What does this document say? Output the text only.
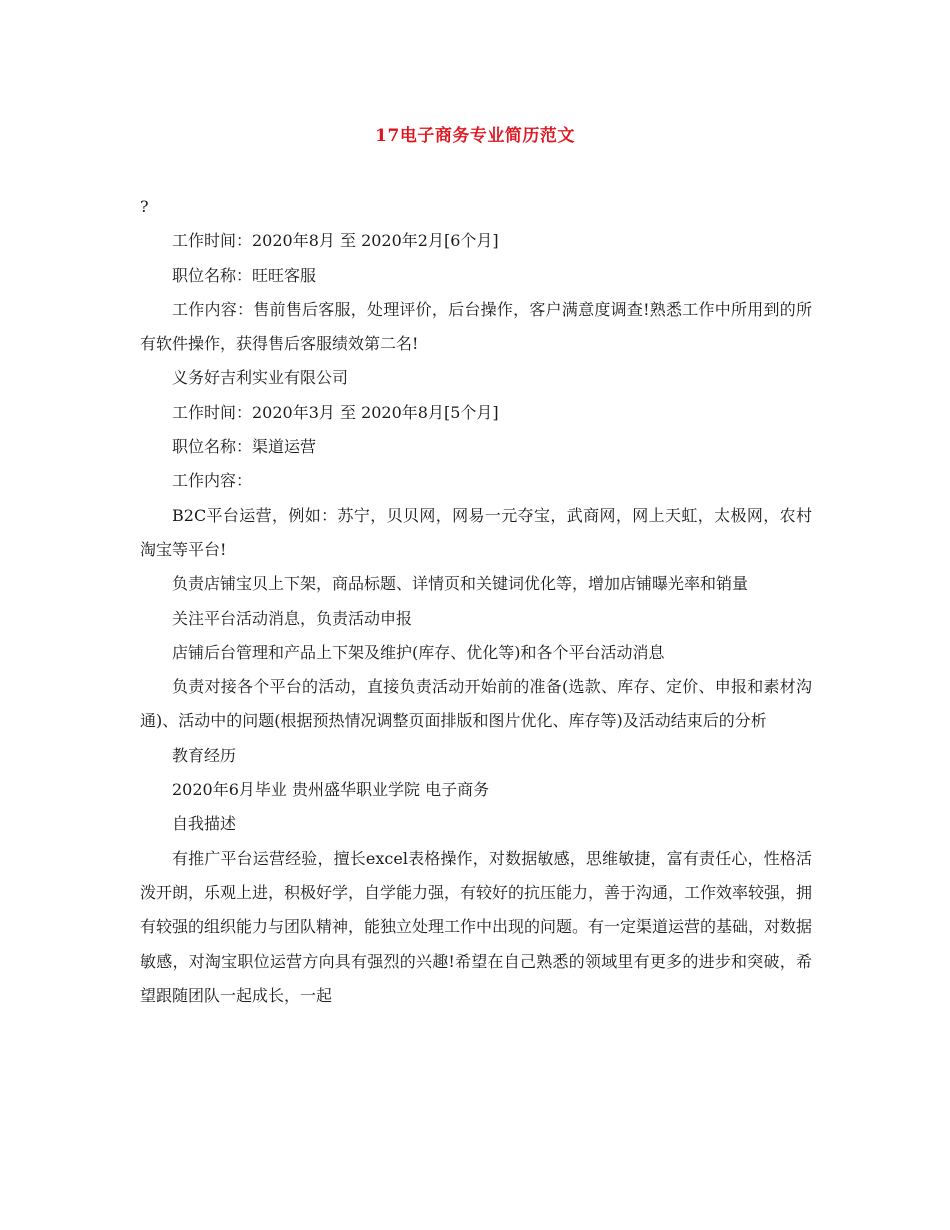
17电子商务专业简历范文

?

工作时间：2020年8月 至 2020年2月[6个月]

职位名称：旺旺客服

工作内容：售前售后客服，处理评价，后台操作，客户满意度调查!熟悉工作中所用到的所有软件操作，获得售后客服绩效第二名!

义务好吉利实业有限公司

工作时间：2020年3月 至 2020年8月[5个月]

职位名称：渠道运营

工作内容：

B2C平台运营，例如：苏宁，贝贝网，网易一元夺宝，武商网，网上天虹，太极网，农村淘宝等平台!

负责店铺宝贝上下架，商品标题、详情页和关键词优化等，增加店铺曝光率和销量

关注平台活动消息，负责活动申报

店铺后台管理和产品上下架及维护(库存、优化等)和各个平台活动消息

负责对接各个平台的活动，直接负责活动开始前的准备(选款、库存、定价、申报和素材沟通)、活动中的问题(根据预热情况调整页面排版和图片优化、库存等)及活动结束后的分析

教育经历

2020年6月毕业 贵州盛华职业学院 电子商务

自我描述

有推广平台运营经验，擅长excel表格操作，对数据敏感，思维敏捷，富有责任心，性格活泼开朗，乐观上进，积极好学，自学能力强，有较好的抗压能力，善于沟通，工作效率较强，拥有较强的组织能力与团队精神，能独立处理工作中出现的问题。有一定渠道运营的基础，对数据敏感，对淘宝职位运营方向具有强烈的兴趣!希望在自己熟悉的领域里有更多的进步和突破，希望跟随团队一起成长，一起
